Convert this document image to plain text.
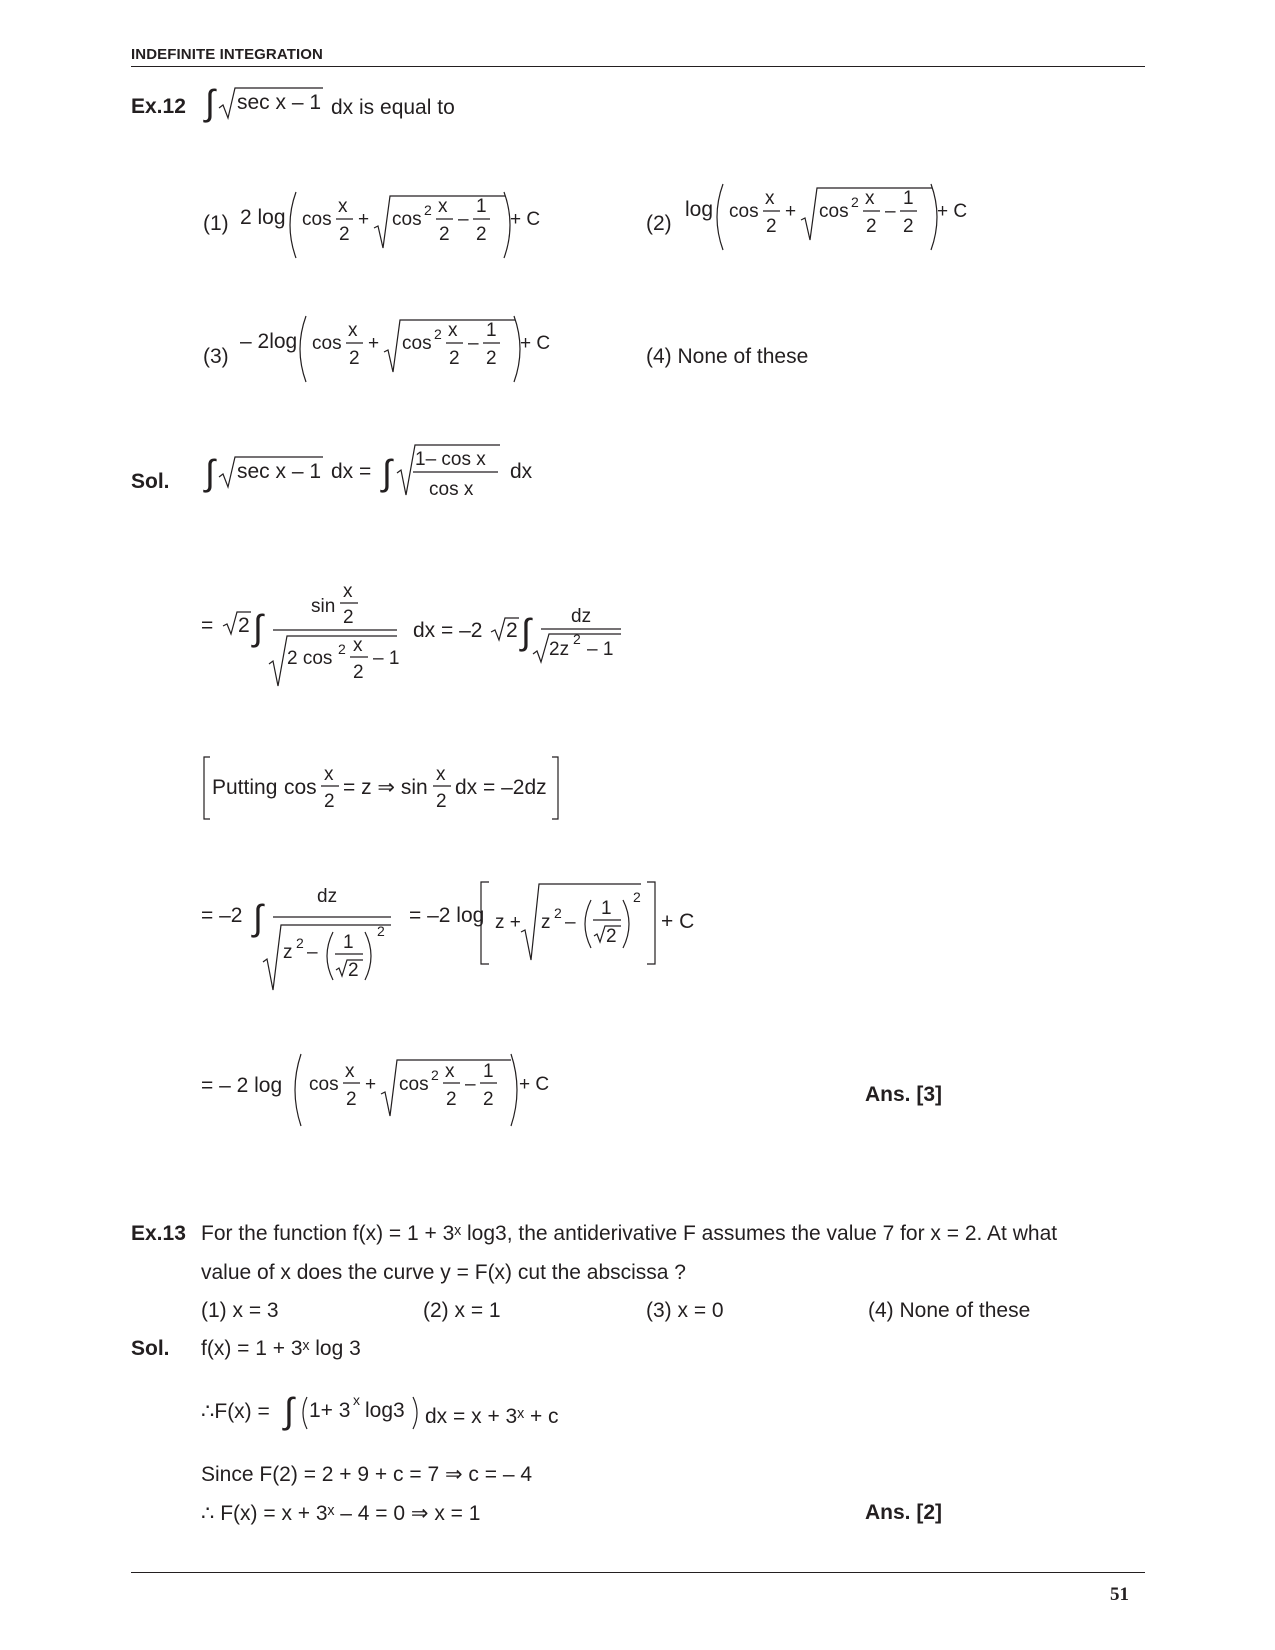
INDEFINITE INTEGRATION
Ex.12 ∫ sec x – 1 dx is equal to
(1) 2 log cos
x
2
+ cos 2 x
2
–
1
2
+ C	(2)
log cos
x
2
+ cos 2 x
2
–
1
2
+ C
(3)
– 2log cos
x
2
+ cos 2 x
2
–
1
2
+ C
(4) None of these
Sol. ∫ sec x – 1 dx = ∫ 1– cos x
cos x
dx
= 2 ∫
sin
x
2
2 cos 2 x
2
– 1
dx = –2 2 ∫ dz
2z 2 – 1
Putting cos
x
2
= z ⇒ sin
x
2
dx = –2dz
= –2 ∫
dz
z 2 – 1
2
2
= –2 log z + z 2 –
1
2
2
+ C
= – 2 log cos
x
2
+ cos 2 x
2
–
1
2
+ C	Ans. [3]
Ex.13 For the function f(x) = 1 + 3ˣ log3, the antiderivative F assumes the value 7 for x = 2. At what
value of x does the curve y = F(x) cut the abscissa ?
(1) x = 3	(2) x = 1	(3) x = 0	(4) None of these
Sol. f(x) = 1 + 3ˣ log 3
∴F(x) = ∫ 1+ 3 x log3 dx = x + 3ˣ + c
Since F(2) = 2 + 9 + c = 7 ⇒ c = – 4
∴ F(x) = x + 3ˣ – 4 = 0 ⇒ x = 1	Ans. [2]
51
